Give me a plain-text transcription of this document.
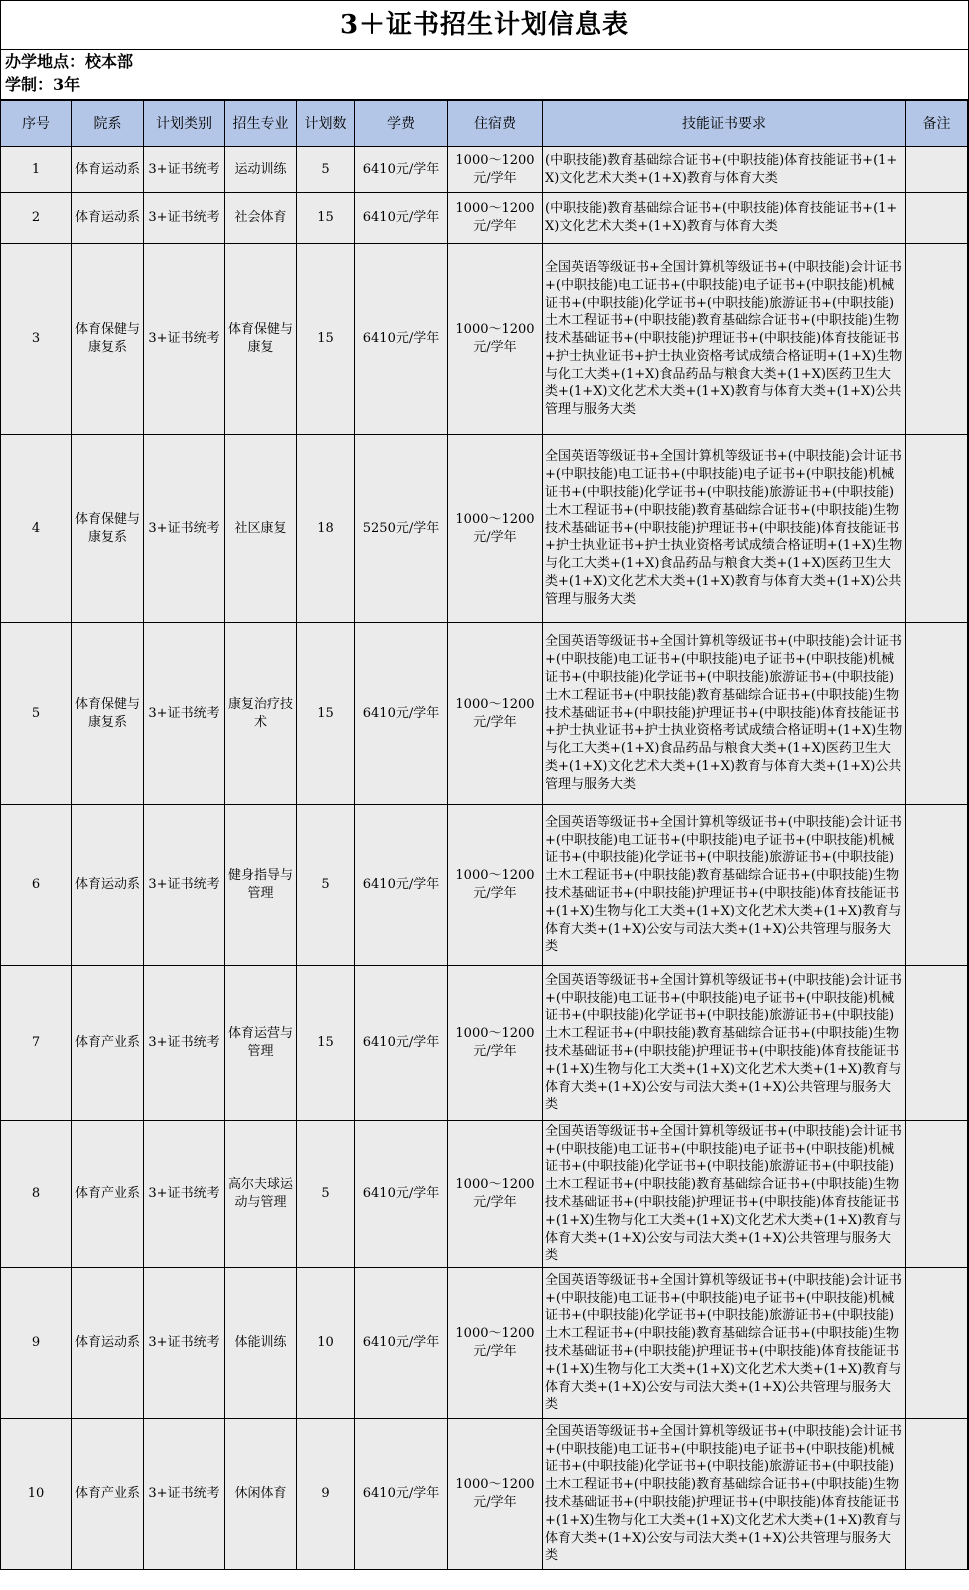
3＋证书招生计划信息表
办学地点：校本部
学制：3年
序号	院系	计划类别	招生专业	计划数	学费	住宿费	技能证书要求	备注
1	体育运动系	3+证书统考	运动训练	5	6410元/学年	1000～1200元/学年	(中职技能)教育基础综合证书+(中职技能)体育技能证书+(1+X)文化艺术大类+(1+X)教育与体育大类	
2	体育运动系	3+证书统考	社会体育	15	6410元/学年	1000～1200元/学年	(中职技能)教育基础综合证书+(中职技能)体育技能证书+(1+X)文化艺术大类+(1+X)教育与体育大类	
3	体育保健与康复系	3+证书统考	体育保健与康复	15	6410元/学年	1000～1200元/学年	全国英语等级证书+全国计算机等级证书+(中职技能)会计证书+(中职技能)电工证书+(中职技能)电子证书+(中职技能)机械证书+(中职技能)化学证书+(中职技能)旅游证书+(中职技能)土木工程证书+(中职技能)教育基础综合证书+(中职技能)生物技术基础证书+(中职技能)护理证书+(中职技能)体育技能证书+护士执业证书+护士执业资格考试成绩合格证明+(1+X)生物与化工大类+(1+X)食品药品与粮食大类+(1+X)医药卫生大类+(1+X)文化艺术大类+(1+X)教育与体育大类+(1+X)公共管理与服务大类	
4	体育保健与康复系	3+证书统考	社区康复	18	5250元/学年	1000～1200元/学年	全国英语等级证书+全国计算机等级证书+(中职技能)会计证书+(中职技能)电工证书+(中职技能)电子证书+(中职技能)机械证书+(中职技能)化学证书+(中职技能)旅游证书+(中职技能)土木工程证书+(中职技能)教育基础综合证书+(中职技能)生物技术基础证书+(中职技能)护理证书+(中职技能)体育技能证书+护士执业证书+护士执业资格考试成绩合格证明+(1+X)生物与化工大类+(1+X)食品药品与粮食大类+(1+X)医药卫生大类+(1+X)文化艺术大类+(1+X)教育与体育大类+(1+X)公共管理与服务大类	
5	体育保健与康复系	3+证书统考	康复治疗技术	15	6410元/学年	1000～1200元/学年	全国英语等级证书+全国计算机等级证书+(中职技能)会计证书+(中职技能)电工证书+(中职技能)电子证书+(中职技能)机械证书+(中职技能)化学证书+(中职技能)旅游证书+(中职技能)土木工程证书+(中职技能)教育基础综合证书+(中职技能)生物技术基础证书+(中职技能)护理证书+(中职技能)体育技能证书+护士执业证书+护士执业资格考试成绩合格证明+(1+X)生物与化工大类+(1+X)食品药品与粮食大类+(1+X)医药卫生大类+(1+X)文化艺术大类+(1+X)教育与体育大类+(1+X)公共管理与服务大类	
6	体育运动系	3+证书统考	健身指导与管理	5	6410元/学年	1000～1200元/学年	全国英语等级证书+全国计算机等级证书+(中职技能)会计证书+(中职技能)电工证书+(中职技能)电子证书+(中职技能)机械证书+(中职技能)化学证书+(中职技能)旅游证书+(中职技能)土木工程证书+(中职技能)教育基础综合证书+(中职技能)生物技术基础证书+(中职技能)护理证书+(中职技能)体育技能证书+(1+X)生物与化工大类+(1+X)文化艺术大类+(1+X)教育与体育大类+(1+X)公安与司法大类+(1+X)公共管理与服务大类	
7	体育产业系	3+证书统考	体育运营与管理	15	6410元/学年	1000～1200元/学年	全国英语等级证书+全国计算机等级证书+(中职技能)会计证书+(中职技能)电工证书+(中职技能)电子证书+(中职技能)机械证书+(中职技能)化学证书+(中职技能)旅游证书+(中职技能)土木工程证书+(中职技能)教育基础综合证书+(中职技能)生物技术基础证书+(中职技能)护理证书+(中职技能)体育技能证书+(1+X)生物与化工大类+(1+X)文化艺术大类+(1+X)教育与体育大类+(1+X)公安与司法大类+(1+X)公共管理与服务大类	
8	体育产业系	3+证书统考	高尔夫球运动与管理	5	6410元/学年	1000～1200元/学年	全国英语等级证书+全国计算机等级证书+(中职技能)会计证书+(中职技能)电工证书+(中职技能)电子证书+(中职技能)机械证书+(中职技能)化学证书+(中职技能)旅游证书+(中职技能)土木工程证书+(中职技能)教育基础综合证书+(中职技能)生物技术基础证书+(中职技能)护理证书+(中职技能)体育技能证书+(1+X)生物与化工大类+(1+X)文化艺术大类+(1+X)教育与体育大类+(1+X)公安与司法大类+(1+X)公共管理与服务大类	
9	体育运动系	3+证书统考	体能训练	10	6410元/学年	1000～1200元/学年	全国英语等级证书+全国计算机等级证书+(中职技能)会计证书+(中职技能)电工证书+(中职技能)电子证书+(中职技能)机械证书+(中职技能)化学证书+(中职技能)旅游证书+(中职技能)土木工程证书+(中职技能)教育基础综合证书+(中职技能)生物技术基础证书+(中职技能)护理证书+(中职技能)体育技能证书+(1+X)生物与化工大类+(1+X)文化艺术大类+(1+X)教育与体育大类+(1+X)公安与司法大类+(1+X)公共管理与服务大类	
10	体育产业系	3+证书统考	休闲体育	9	6410元/学年	1000～1200元/学年	全国英语等级证书+全国计算机等级证书+(中职技能)会计证书+(中职技能)电工证书+(中职技能)电子证书+(中职技能)机械证书+(中职技能)化学证书+(中职技能)旅游证书+(中职技能)土木工程证书+(中职技能)教育基础综合证书+(中职技能)生物技术基础证书+(中职技能)护理证书+(中职技能)体育技能证书+(1+X)生物与化工大类+(1+X)文化艺术大类+(1+X)教育与体育大类+(1+X)公安与司法大类+(1+X)公共管理与服务大类	
